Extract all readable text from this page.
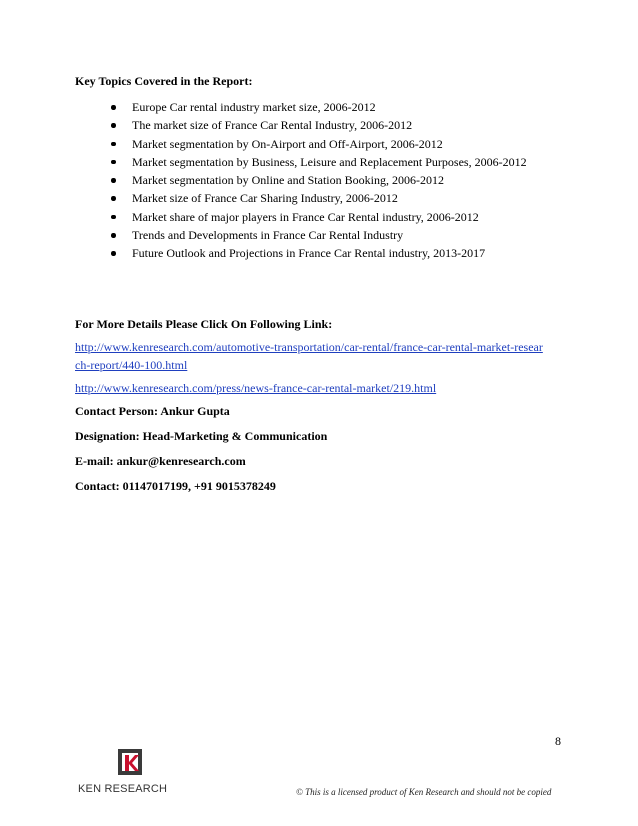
Key Topics Covered in the Report:
Europe Car rental industry market size, 2006-2012
The market size of France Car Rental Industry, 2006-2012
Market segmentation by On-Airport and Off-Airport, 2006-2012
Market segmentation by Business, Leisure and Replacement Purposes, 2006-2012
Market segmentation by Online and Station Booking, 2006-2012
Market size of France Car Sharing Industry, 2006-2012
Market share of major players in France Car Rental industry, 2006-2012
Trends and Developments in France Car Rental Industry
Future Outlook and Projections in France Car Rental industry, 2013-2017

For More Details Please Click On Following Link:

http://www.kenresearch.com/automotive-transportation/car-rental/france-car-rental-market-research-report/440-100.html
http://www.kenresearch.com/press/news-france-car-rental-market/219.html

Contact Person: Ankur Gupta

Designation: Head-Marketing & Communication

E-mail: ankur@kenresearch.com

Contact: 01147017199, +91 9015378249

8
KEN RESEARCH	© This is a licensed product of Ken Research and should not be copied
